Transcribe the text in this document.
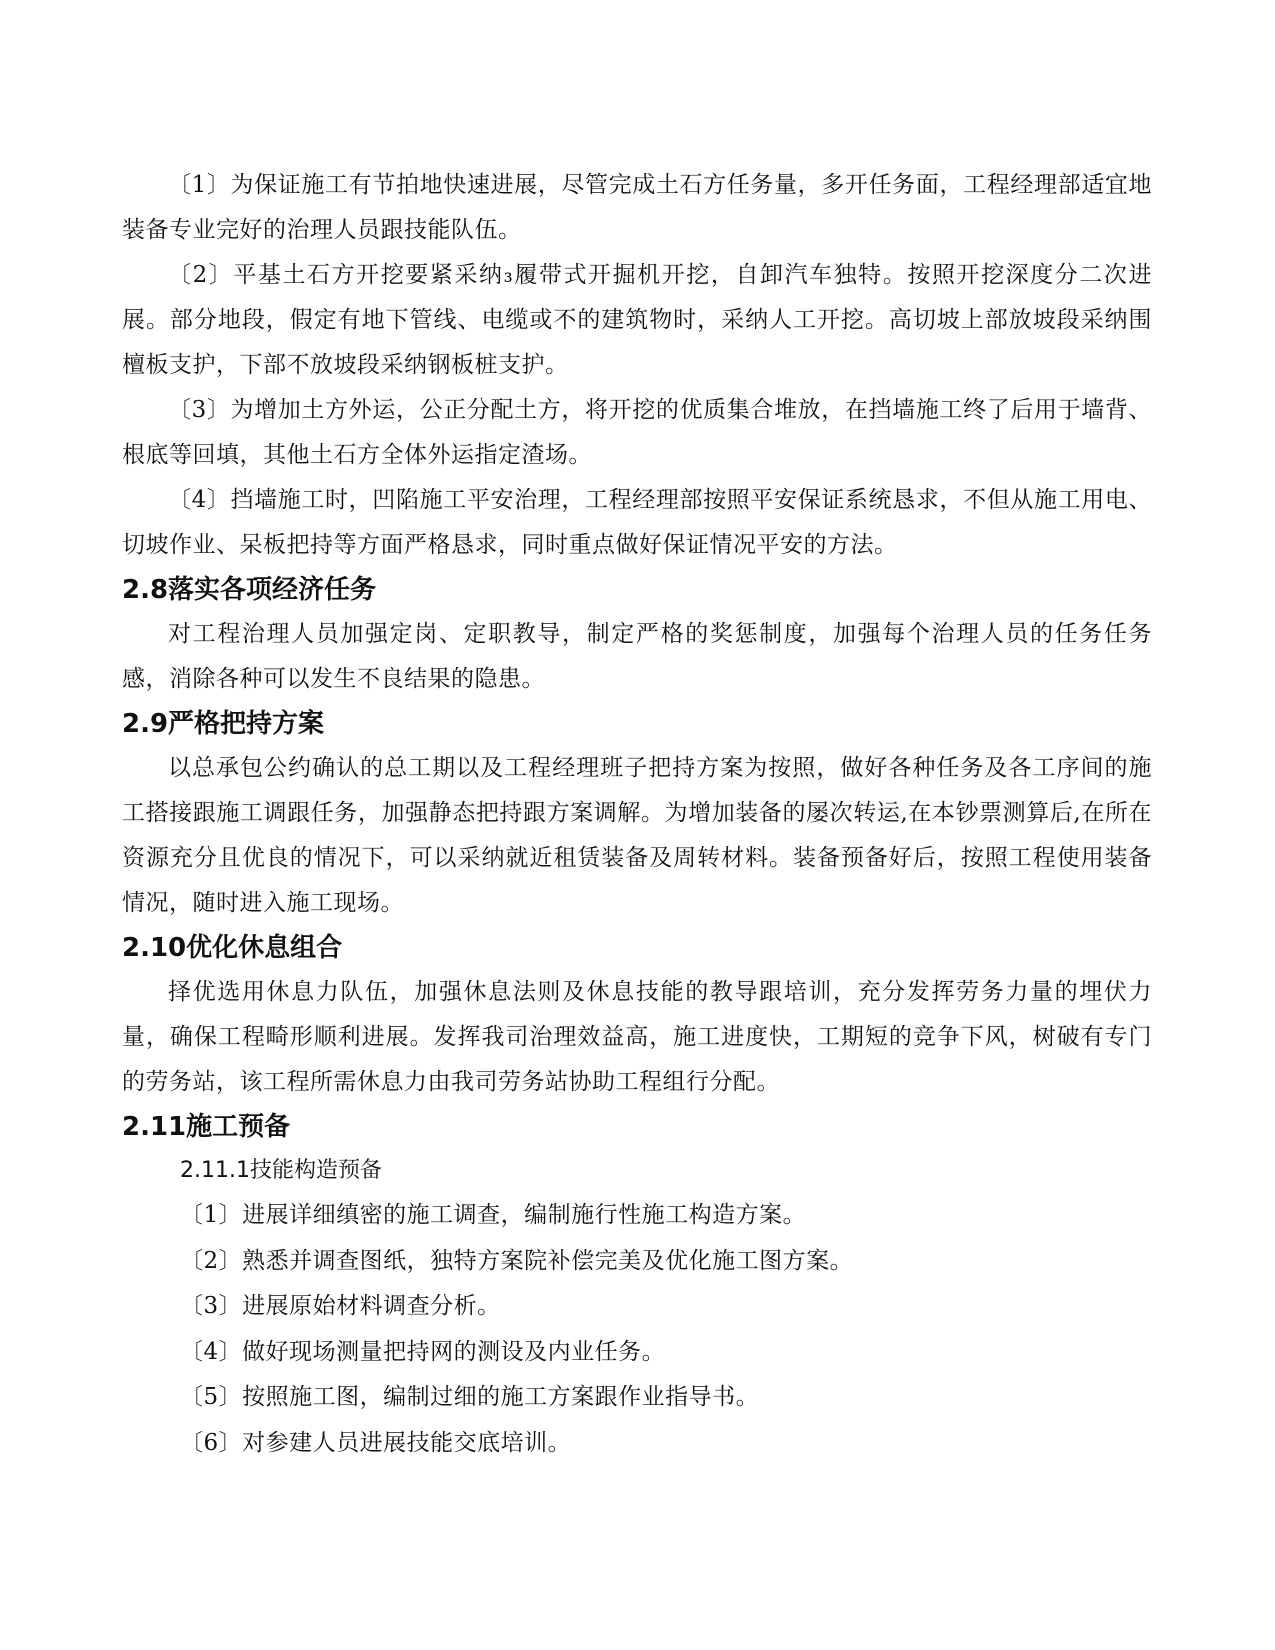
〔1〕为保证施工有节拍地快速进展，尽管完成土石方任务量，多开任务面，工程经理部适宜地装备专业完好的治理人员跟技能队伍。

〔2〕平基土石方开挖要紧采纳₃履带式开掘机开挖，自卸汽车独特。按照开挖深度分二次进展。部分地段，假定有地下管线、电缆或不的建筑物时，采纳人工开挖。高切坡上部放坡段采纳围檀板支护，下部不放坡段采纳钢板桩支护。

〔3〕为增加土方外运，公正分配土方，将开挖的优质集合堆放，在挡墙施工终了后用于墙背、根底等回填，其他土石方全体外运指定渣场。

〔4〕挡墙施工时，凹陷施工平安治理，工程经理部按照平安保证系统恳求，不但从施工用电、切坡作业、呆板把持等方面严格恳求，同时重点做好保证情况平安的方法。

2.8落实各项经济任务

对工程治理人员加强定岗、定职教导，制定严格的奖惩制度，加强每个治理人员的任务任务感，消除各种可以发生不良结果的隐患。

2.9严格把持方案

以总承包公约确认的总工期以及工程经理班子把持方案为按照，做好各种任务及各工序间的施工搭接跟施工调跟任务，加强静态把持跟方案调解。为增加装备的屡次转运,在本钞票测算后,在所在资源充分且优良的情况下，可以采纳就近租赁装备及周转材料。装备预备好后，按照工程使用装备情况，随时进入施工现场。

2.10优化休息组合

择优选用休息力队伍，加强休息法则及休息技能的教导跟培训，充分发挥劳务力量的埋伏力量，确保工程畸形顺利进展。发挥我司治理效益高，施工进度快，工期短的竞争下风，树破有专门的劳务站，该工程所需休息力由我司劳务站协助工程组行分配。

2.11施工预备

2.11.1技能构造预备

〔1〕进展详细缜密的施工调查，编制施行性施工构造方案。

〔2〕熟悉并调查图纸，独特方案院补偿完美及优化施工图方案。

〔3〕进展原始材料调查分析。

〔4〕做好现场测量把持网的测设及内业任务。

〔5〕按照施工图，编制过细的施工方案跟作业指导书。

〔6〕对参建人员进展技能交底培训。
